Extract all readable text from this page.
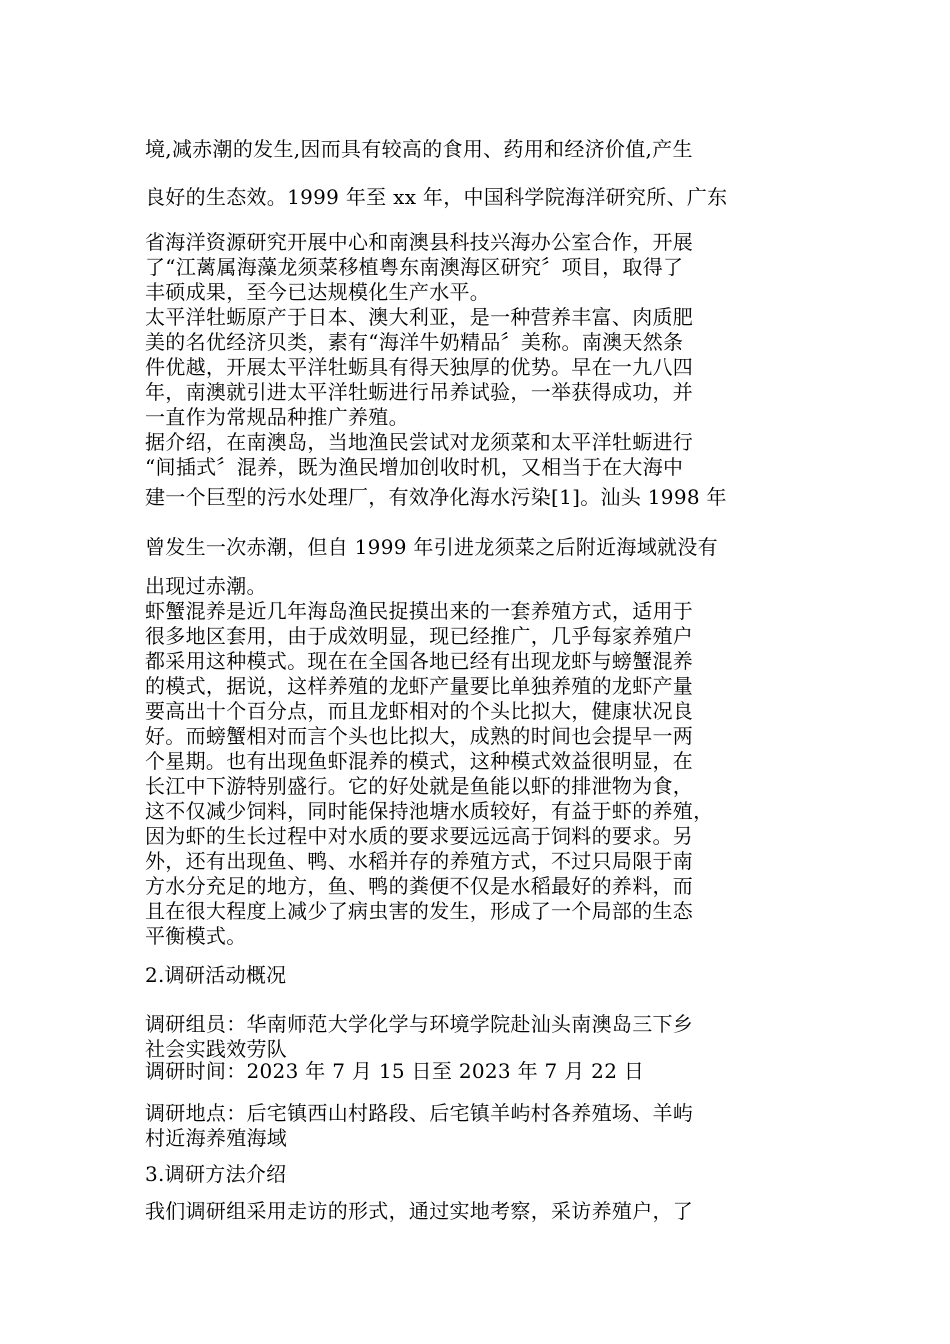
境,减赤潮的发生,因而具有较高的食用、药用和经济价值,产生
良好的生态效。1999 年至 xx 年，中国科学院海洋研究所、广东
省海洋资源研究开展中心和南澳县科技兴海办公室合作，开展
了“江蓠属海藻龙须菜移植粤东南澳海区研究〞项目，取得了
丰硕成果，至今已达规模化生产水平。
太平洋牡蛎原产于日本、澳大利亚，是一种营养丰富、肉质肥
美的名优经济贝类，素有“海洋牛奶精品〞美称。南澳天然条
件优越，开展太平洋牡蛎具有得天独厚的优势。早在一九八四
年，南澳就引进太平洋牡蛎进行吊养试验，一举获得成功，并
一直作为常规品种推广养殖。
据介绍，在南澳岛，当地渔民尝试对龙须菜和太平洋牡蛎进行
“间插式〞混养，既为渔民增加创收时机，又相当于在大海中
建一个巨型的污水处理厂，有效净化海水污染[1]。汕头 1998 年
曾发生一次赤潮，但自 1999 年引进龙须菜之后附近海域就没有
出现过赤潮。
虾蟹混养是近几年海岛渔民捉摸出来的一套养殖方式，适用于
很多地区套用，由于成效明显，现已经推广，几乎每家养殖户
都采用这种模式。现在在全国各地已经有出现龙虾与螃蟹混养
的模式，据说，这样养殖的龙虾产量要比单独养殖的龙虾产量
要高出十个百分点，而且龙虾相对的个头比拟大，健康状况良
好。而螃蟹相对而言个头也比拟大，成熟的时间也会提早一两
个星期。也有出现鱼虾混养的模式，这种模式效益很明显，在
长江中下游特别盛行。它的好处就是鱼能以虾的排泄物为食，
这不仅减少饲料，同时能保持池塘水质较好，有益于虾的养殖，
因为虾的生长过程中对水质的要求要远远高于饲料的要求。另
外，还有出现鱼、鸭、水稻并存的养殖方式，不过只局限于南
方水分充足的地方，鱼、鸭的粪便不仅是水稻最好的养料，而
且在很大程度上减少了病虫害的发生，形成了一个局部的生态
平衡模式。
2.调研活动概况
调研组员：华南师范大学化学与环境学院赴汕头南澳岛三下乡
社会实践效劳队
调研时间：2023 年 7 月 15 日至 2023 年 7 月 22 日
调研地点：后宅镇西山村路段、后宅镇羊屿村各养殖场、羊屿
村近海养殖海域
3.调研方法介绍
我们调研组采用走访的形式，通过实地考察，采访养殖户，了
